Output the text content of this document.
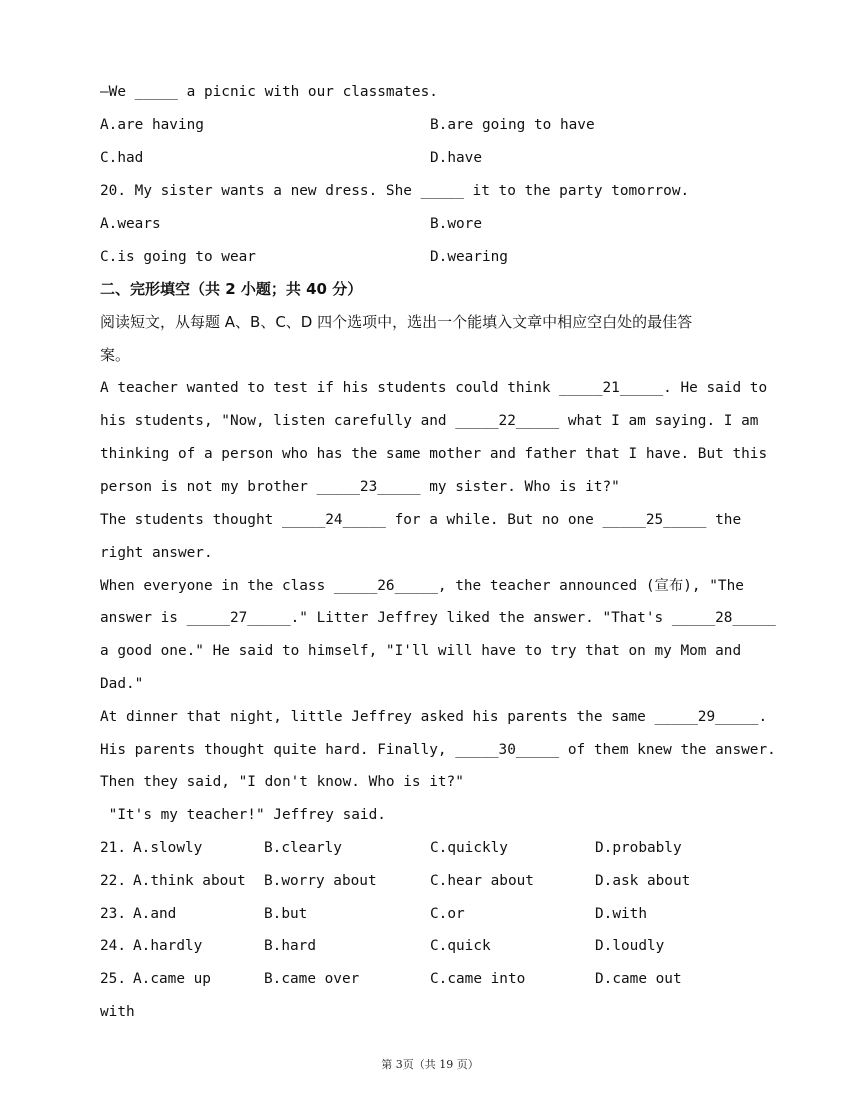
—We _____ a picnic with our classmates.
A.are having	B.are going to have
C.had	D.have
20. My sister wants a new dress. She _____ it to the party tomorrow.
A.wears	B.wore
C.is going to wear	D.wearing
二、完形填空（共 2 小题；共 40 分）
阅读短文，从每题 A、B、C、D 四个选项中，选出一个能填入文章中相应空白处的最佳答
案。
A teacher wanted to test if his students could think _____21_____. He said to
his students, "Now, listen carefully and _____22_____ what I am saying. I am
thinking of a person who has the same mother and father that I have. But this
person is not my brother _____23_____ my sister. Who is it?"
The students thought _____24_____ for a while. But no one _____25_____ the
right answer.
When everyone in the class _____26_____, the teacher announced (宣布), "The
answer is _____27_____." Litter Jeffrey liked the answer. "That's _____28_____
a good one." He said to himself, "I'll will have to try that on my Mom and
Dad."
At dinner that night, little Jeffrey asked his parents the same _____29_____.
His parents thought quite hard. Finally, _____30_____ of them knew the answer.
Then they said, "I don't know. Who is it?"
"It's my teacher!" Jeffrey said.
21. A.slowly	B.clearly	C.quickly	D.probably
22. A.think about B.worry about	C.hear about	D.ask about
23. A.and	B.but	C.or	D.with
24. A.hardly	B.hard	C.quick	D.loudly
25. A.came up	B.came over	C.came into	D.came out
with
第 3页（共 19 页）
